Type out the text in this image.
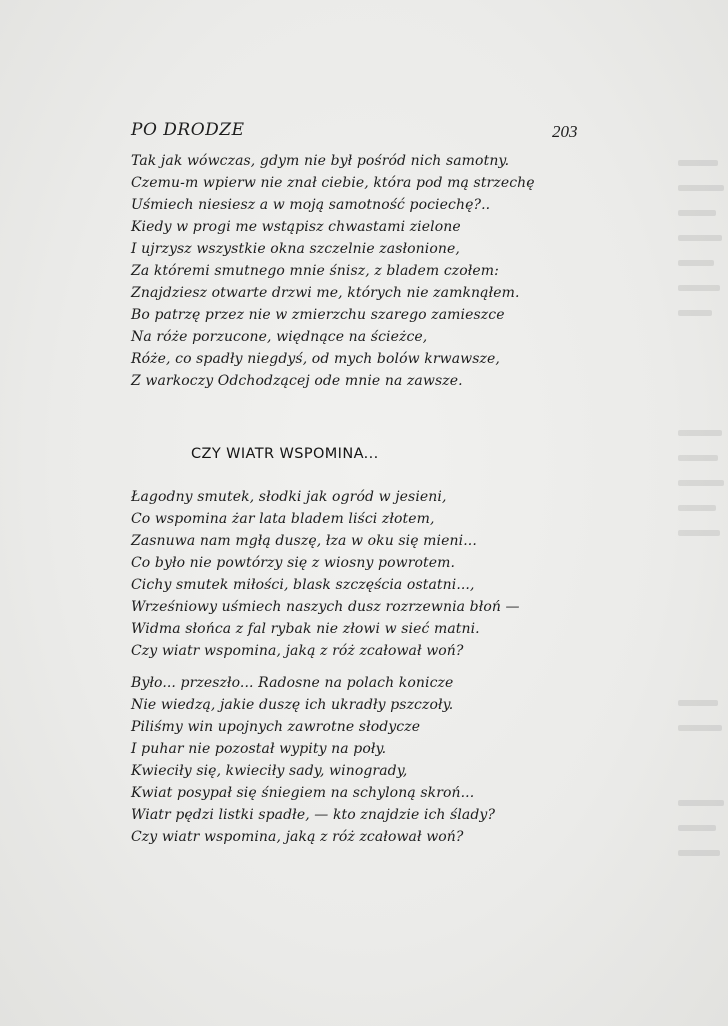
PO DRODZE	203
Tak jak wówczas, gdym nie był pośród nich samotny.
Czemu-m wpierw nie znał ciebie, która pod mą strzechę
Uśmiech niesiesz a w moją samotność pociechę?..
Kiedy w progi me wstąpisz chwastami zielone
I ujrzysz wszystkie okna szczelnie zasłonione,
Za któremi smutnego mnie śnisz, z bladem czołem:
Znajdziesz otwarte drzwi me, których nie zamknąłem.
Bo patrzę przez nie w zmierzchu szarego zamieszce
Na róże porzucone, więdnące na ścieżce,
Róże, co spadły niegdyś, od mych bolów krwawsze,
Z warkoczy Odchodzącej ode mnie na zawsze.
CZY WIATR WSPOMINA...
Łagodny smutek, słodki jak ogród w jesieni,
Co wspomina żar lata bladem liści złotem,
Zasnuwa nam mgłą duszę, łza w oku się mieni...
Co było nie powtórzy się z wiosny powrotem.
Cichy smutek miłości, blask szczęścia ostatni...,
Wrześniowy uśmiech naszych dusz rozrzewnia błoń —
Widma słońca z fal rybak nie złowi w sieć matni.
Czy wiatr wspomina, jaką z róż zcałował woń?
Było... przeszło... Radosne na polach konicze
Nie wiedzą, jakie duszę ich ukradły pszczoły.
Piliśmy win upojnych zawrotne słodycze
I puhar nie pozostał wypity na poły.
Kwieciły się, kwieciły sady, winogrady,
Kwiat posypał się śniegiem na schyloną skroń...
Wiatr pędzi listki spadłe, — kto znajdzie ich ślady?
Czy wiatr wspomina, jaką z róż zcałował woń?
